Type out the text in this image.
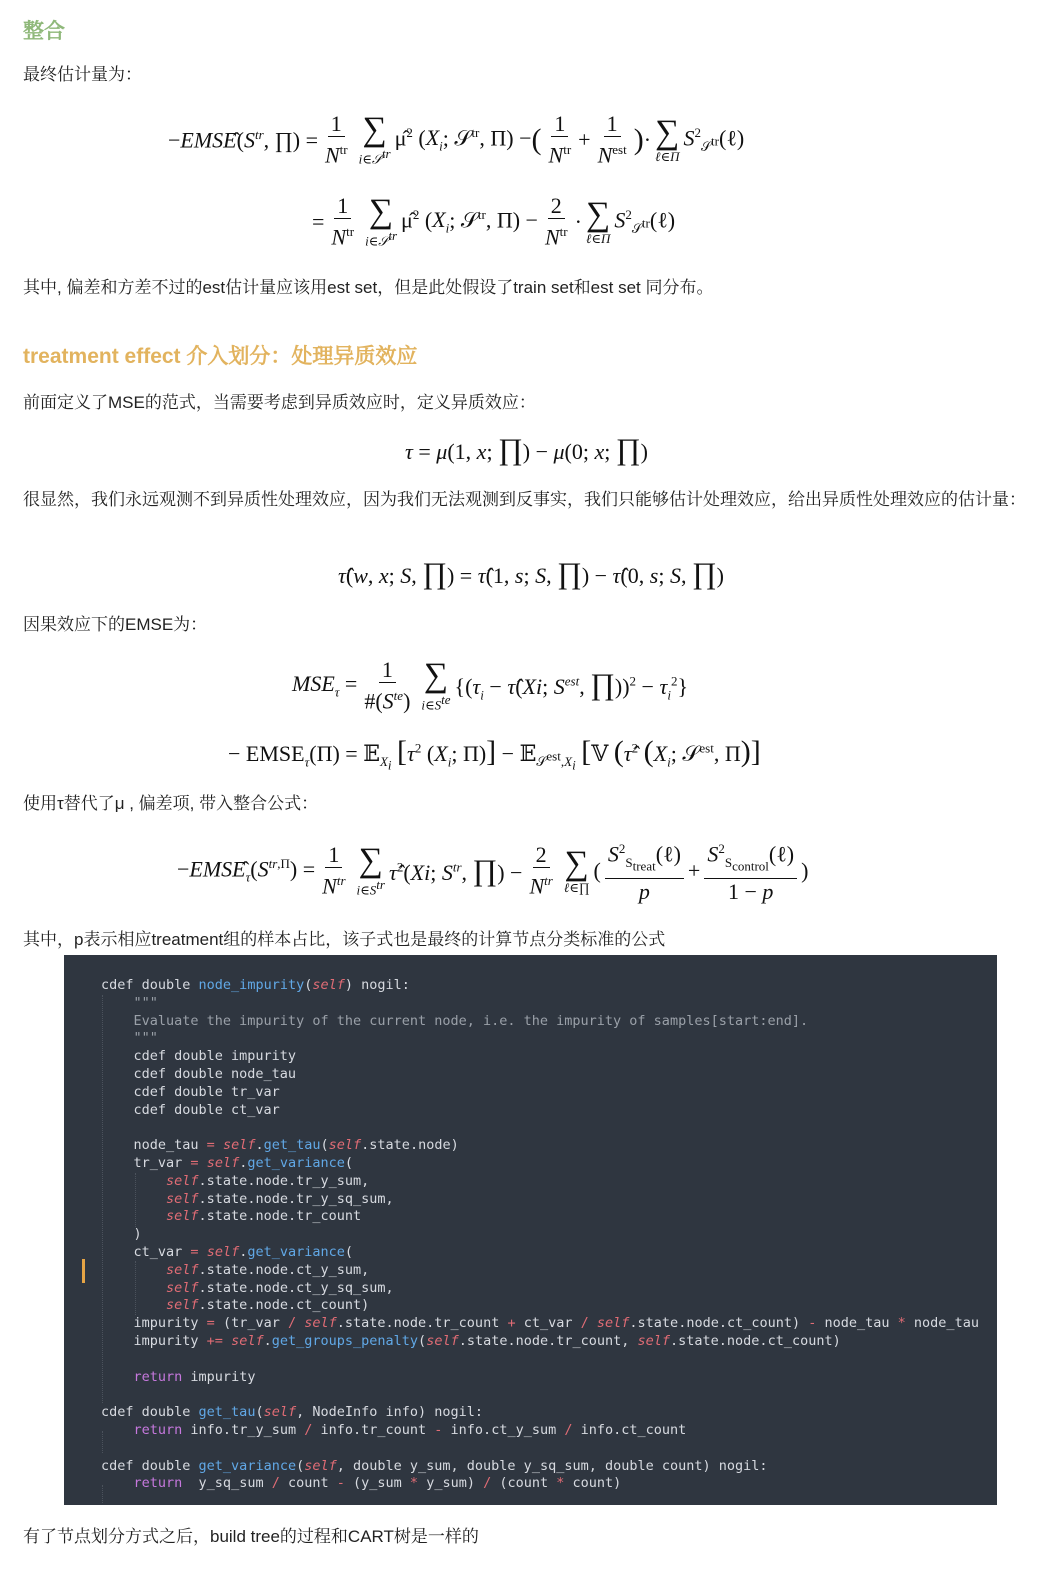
整合
最终估计量为：
$-EMSÊ(S^{tr}$, ∏) = $\frac{1}{N^{tr}}$ ∑
i∈𝒮$^{tr}$
μ̂$^2$ ($X_i$; 𝒮$^{tr}$, Π) − ( $\frac{1}{N^{tr}} + \frac{1}{N^{est}}$ ) · ∑
ℓ∈Π
$S^2_{𝒮^{tr}}(\ell)$
= $\frac{1}{N^{tr}}$ ∑
i∈𝒮$^{tr}$
μ̂$^2$ ($X_i$; 𝒮$^{tr}$, $\Pi) - \frac{2}{N^{tr}}$ · ∑
ℓ∈Π
$S^2_{𝒮^{tr}}(\ell)$
其中, 偏差和方差不过的est估计量应该用est set，但是此处假设了train set和est set 同分布。
treatment effect 介入划分：处理异质效应
前面定义了MSE的范式，当需要考虑到异质效应时，定义异质效应：
τ = μ(1, x; ∏) − μ(0; x; ∏)
很显然，我们永远观测不到异质性处理效应，因为我们无法观测到反事实，我们只能够估计处理效应，给出异质性处理效应的估计量：
τ̂(w, x; S, ∏) = τ̂(1, s; S, ∏) − τ̂(0, s; S, ∏)
因果效应下的EMSE为：
$MSE_\tau = \frac{1}{\#(S^{te})}$ ∑
$i\in S^{te}$
{($\tau_i$ − τ̂(Xi; $S^{est}$, ∏))$^2$ − $\tau_i^2$}
− $EMSE_\tau(\Pi)$ = 𝔼$_{X_i}$ [$\tau^2$ ($X_i$; Π)] − 𝔼$_{𝒮^{est},X_i}$ [𝕍 (τ̂$^2$ ($X_i$; 𝒮$^{est}$, Π)]
使用τ替代了μ , 偏差项, 带入整合公式：
$-EMSE_\tau(S^{tr,\Pi}) = \frac{1}{N^{tr}}$ ∑
$i\in S^{tr}$ τ̂$^2$(Xi; $S^{tr}$, ∏) − $\frac{2}{N^{tr}}$ ∑
ℓ∈∏
( $\frac{S^2_{S_{treat}}(\ell)}{p} + \frac{S^2_{S_{control}}(\ell)}{1 - p}$ )
其中，p表示相应treatment组的样本占比，该子式也是最终的计算节点分类标准的公式
cdef double node_impurity(self) nogil:
"""
Evaluate the impurity of the current node, i.e. the impurity of samples[start:end].
"""
cdef double impurity
cdef double node_tau
cdef double tr_var
cdef double ct_var

node_tau = self.get_tau(self.state.node)
tr_var = self.get_variance(
self.state.node.tr_y_sum,
self.state.node.tr_y_sq_sum,
self.state.node.tr_count
)
ct_var = self.get_variance(
self.state.node.ct_y_sum,
self.state.node.ct_y_sq_sum,
self.state.node.ct_count)
impurity = (tr_var / self.state.node.tr_count + ct_var / self.state.node.ct_count) - node_tau * node_tau
impurity += self.get_groups_penalty(self.state.node.tr_count, self.state.node.ct_count)

return impurity

cdef double get_tau(self, NodeInfo info) nogil:
return info.tr_y_sum / info.tr_count - info.ct_y_sum / info.ct_count

cdef double get_variance(self, double y_sum, double y_sq_sum, double count) nogil:
return  y_sq_sum / count - (y_sum * y_sum) / (count * count)
有了节点划分方式之后，build tree的过程和CART树是一样的
